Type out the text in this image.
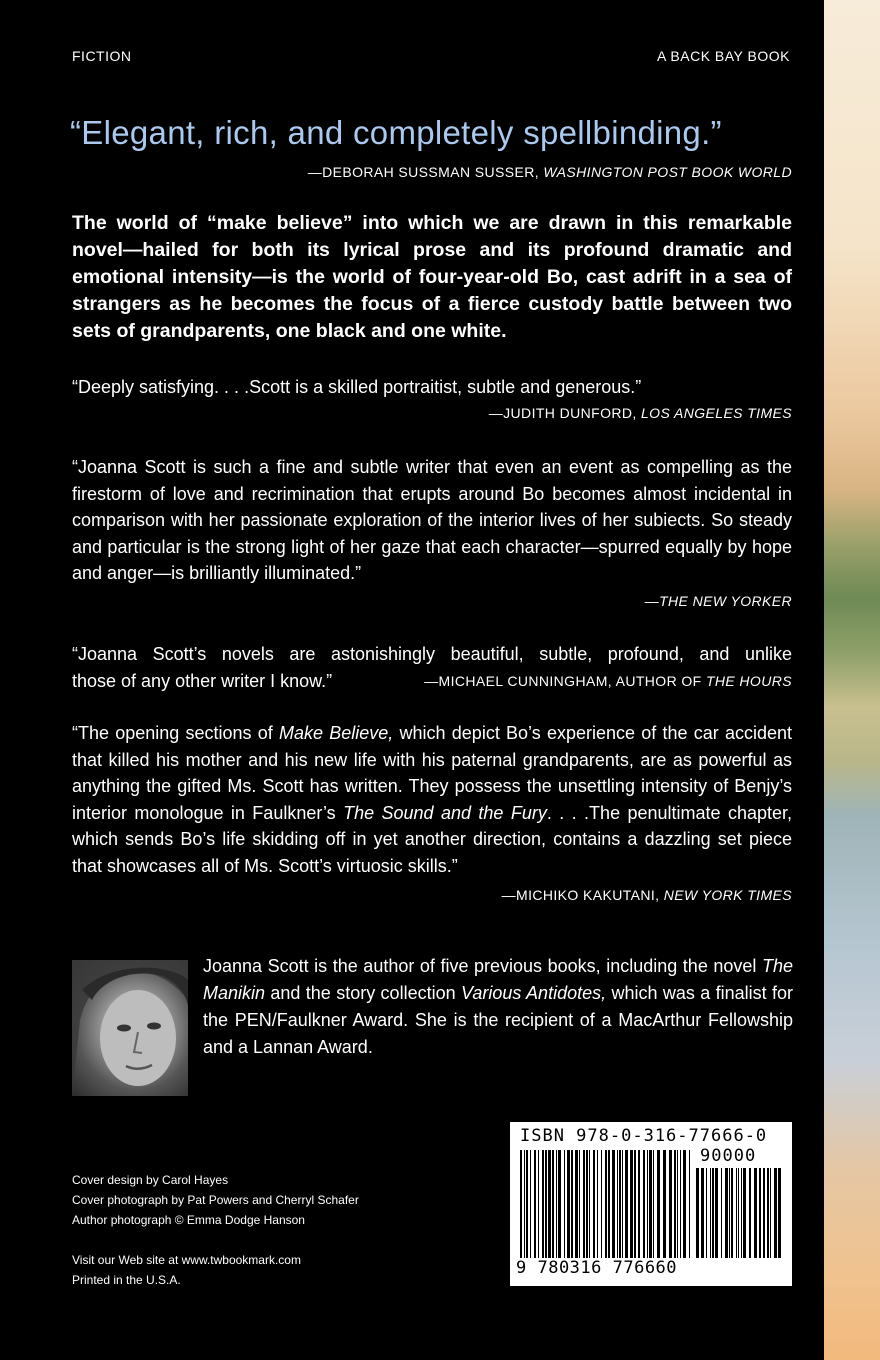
FICTION	A BACK BAY BOOK
“Elegant, rich, and completely spellbinding.”
—DEBORAH SUSSMAN SUSSER, WASHINGTON POST BOOK WORLD
The world of “make believe” into which we are drawn in this remarkable novel—hailed for both its lyrical prose and its profound dramatic and emotional intensity—is the world of four-year-old Bo, cast adrift in a sea of strangers as he becomes the focus of a fierce custody battle between two sets of grandparents, one black and one white.
“Deeply satisfying. . . .Scott is a skilled portraitist, subtle and generous.”
—JUDITH DUNFORD, LOS ANGELES TIMES
“Joanna Scott is such a fine and subtle writer that even an event as compelling as the firestorm of love and recrimination that erupts around Bo becomes almost incidental in comparison with her passionate exploration of the interior lives of her subiects. So steady and particular is the strong light of her gaze that each character—spurred equally by hope and anger—is brilliantly illuminated.”
—THE NEW YORKER
“Joanna Scott’s novels are astonishingly beautiful, subtle, profound, and unlike
those of any other writer I know.”	—MICHAEL CUNNINGHAM, AUTHOR OF THE HOURS
“The opening sections of Make Believe, which depict Bo’s experience of the car accident that killed his mother and his new life with his paternal grandparents, are as powerful as anything the gifted Ms. Scott has written. They possess the unsettling intensity of Benjy’s interior monologue in Faulkner’s The Sound and the Fury. . . .The penultimate chapter, which sends Bo’s life skidding off in yet another direction, contains a dazzling set piece that showcases all of Ms. Scott’s virtuosic skills.”
—MICHIKO KAKUTANI, NEW YORK TIMES
Joanna Scott is the author of five previous books, including the novel The Manikin and the story collection Various Antidotes, which was a finalist for the PEN/Faulkner Award. She is the recipient of a MacArthur Fellowship and a Lannan Award.
Cover design by Carol Hayes
Cover photograph by Pat Powers and Cherryl Schafer
Author photograph © Emma Dodge Hanson
Visit our Web site at www.twbookmark.com
Printed in the U.S.A.
ISBN 978-0-316-77666-0
90000
9 780316 776660
